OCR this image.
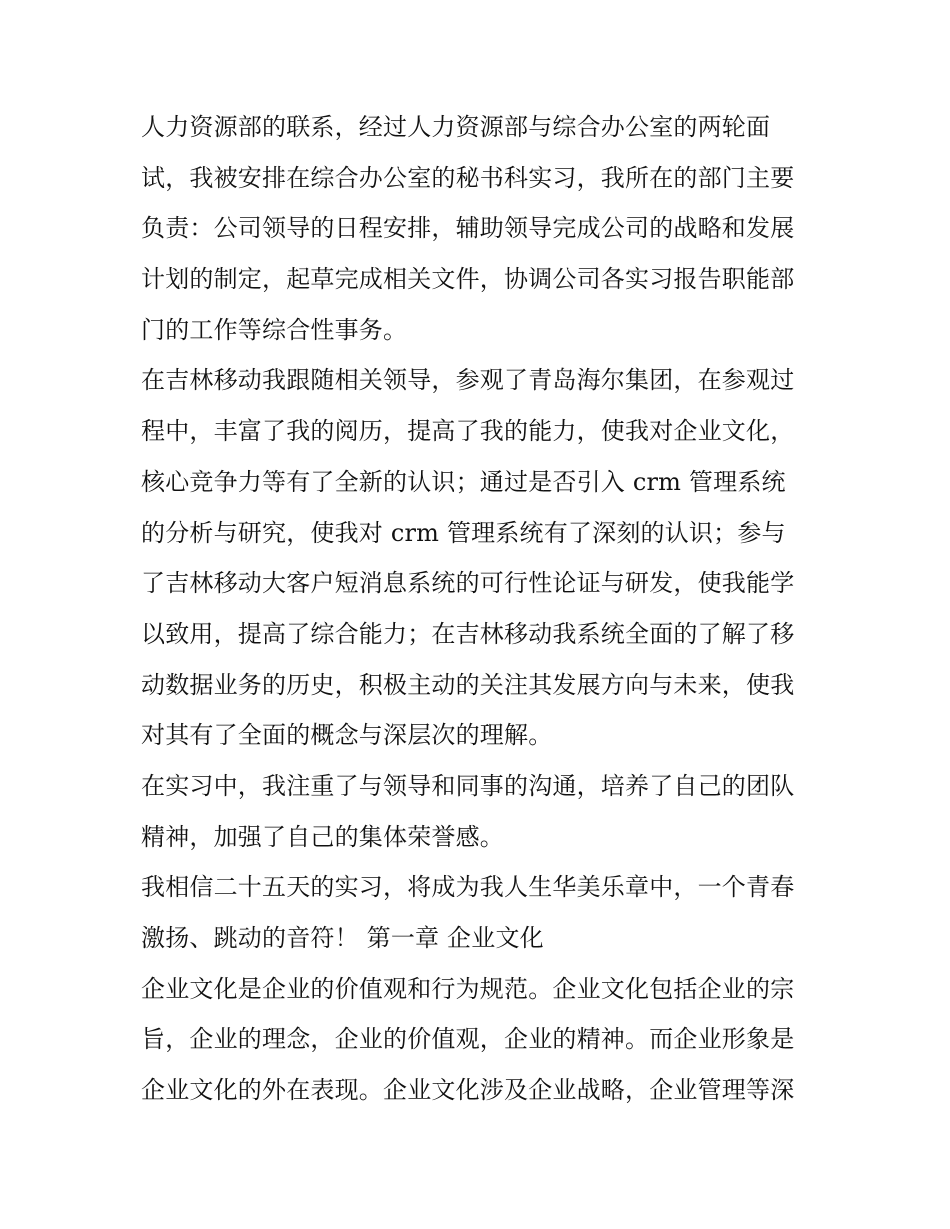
人力资源部的联系，经过人力资源部与综合办公室的两轮面
试，我被安排在综合办公室的秘书科实习，我所在的部门主要
负责：公司领导的日程安排，辅助领导完成公司的战略和发展
计划的制定，起草完成相关文件，协调公司各实习报告职能部
门的工作等综合性事务。
在吉林移动我跟随相关领导，参观了青岛海尔集团，在参观过
程中，丰富了我的阅历，提高了我的能力，使我对企业文化，
核心竞争力等有了全新的认识；通过是否引入 crm 管理系统
的分析与研究，使我对 crm 管理系统有了深刻的认识；参与
了吉林移动大客户短消息系统的可行性论证与研发，使我能学
以致用，提高了综合能力；在吉林移动我系统全面的了解了移
动数据业务的历史，积极主动的关注其发展方向与未来，使我
对其有了全面的概念与深层次的理解。
在实习中，我注重了与领导和同事的沟通，培养了自己的团队
精神，加强了自己的集体荣誉感。
我相信二十五天的实习，将成为我人生华美乐章中，一个青春
激扬、跳动的音符！ 第一章 企业文化
企业文化是企业的价值观和行为规范。企业文化包括企业的宗
旨，企业的理念，企业的价值观，企业的精神。而企业形象是
企业文化的外在表现。企业文化涉及企业战略，企业管理等深
